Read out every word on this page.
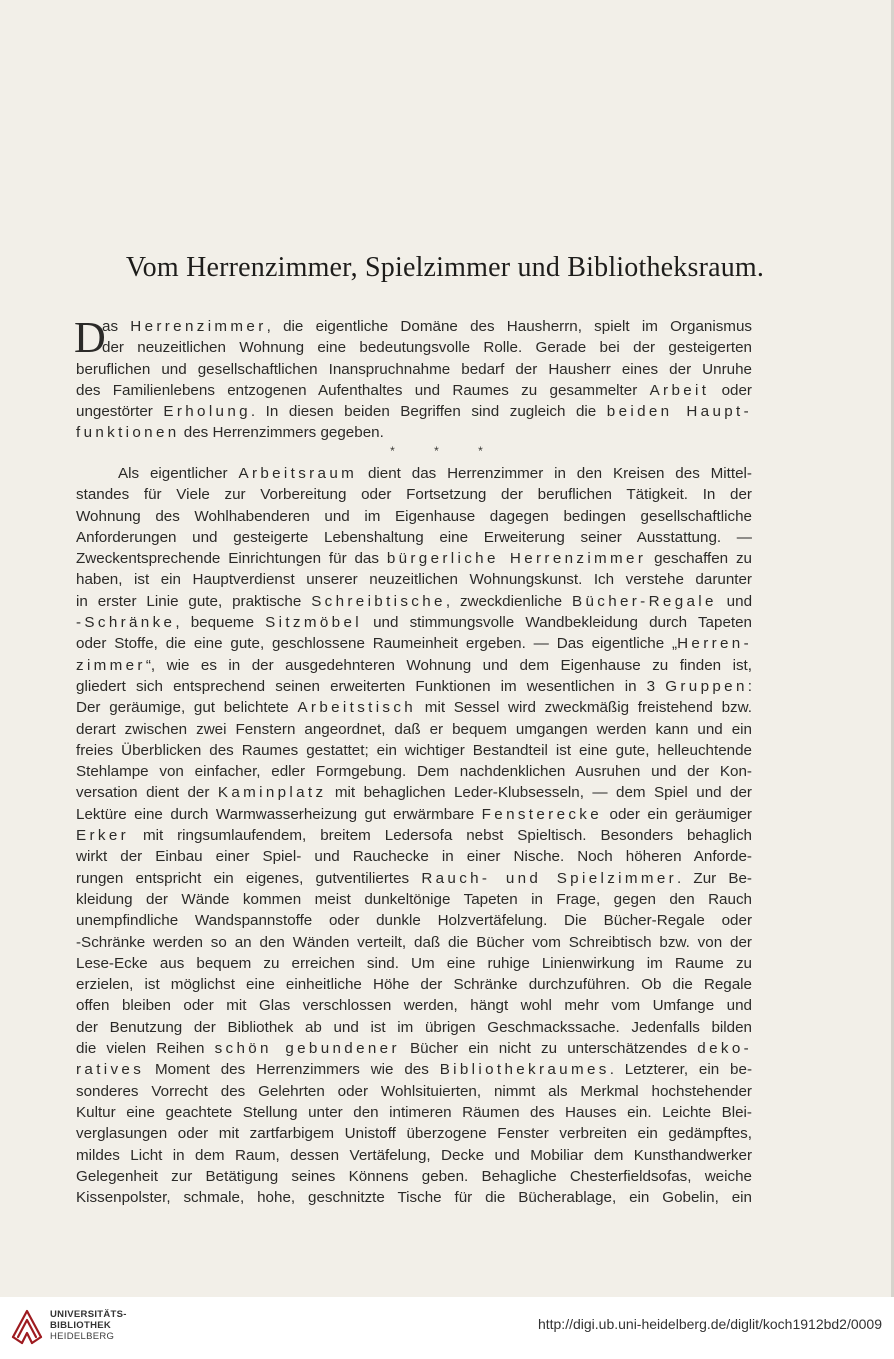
Vom Herrenzimmer, Spielzimmer und Bibliotheksraum.
D
as Herrenzimmer, die eigentliche Domäne des Hausherrn, spielt im Organismus
der neuzeitlichen Wohnung eine bedeutungsvolle Rolle. Gerade bei der gesteigerten
beruflichen und gesellschaftlichen Inanspruchnahme bedarf der Hausherr eines der Unruhe
des Familienlebens entzogenen Aufenthaltes und Raumes zu gesammelter Arbeit oder
ungestörter Erholung. In diesen beiden Begriffen sind zugleich die beiden Haupt-
funktionen des Herrenzimmers gegeben.
* * *
Als eigentlicher Arbeitsraum dient das Herrenzimmer in den Kreisen des Mittel-
standes für Viele zur Vorbereitung oder Fortsetzung der beruflichen Tätigkeit. In der
Wohnung des Wohlhabenderen und im Eigenhause dagegen bedingen gesellschaftliche
Anforderungen und gesteigerte Lebenshaltung eine Erweiterung seiner Ausstattung. —
Zweckentsprechende Einrichtungen für das bürgerliche Herrenzimmer geschaffen zu
haben, ist ein Hauptverdienst unserer neuzeitlichen Wohnungskunst. Ich verstehe darunter
in erster Linie gute, praktische Schreibtische, zweckdienliche Bücher-Regale und
-Schränke, bequeme Sitzmöbel und stimmungsvolle Wandbekleidung durch Tapeten
oder Stoffe, die eine gute, geschlossene Raumeinheit ergeben. — Das eigentliche „Herren-
zimmer“, wie es in der ausgedehnteren Wohnung und dem Eigenhause zu finden ist,
gliedert sich entsprechend seinen erweiterten Funktionen im wesentlichen in 3 Gruppen:
Der geräumige, gut belichtete Arbeitstisch mit Sessel wird zweckmäßig freistehend bzw.
derart zwischen zwei Fenstern angeordnet, daß er bequem umgangen werden kann und ein
freies Überblicken des Raumes gestattet; ein wichtiger Bestandteil ist eine gute, helleuchtende
Stehlampe von einfacher, edler Formgebung. Dem nachdenklichen Ausruhen und der Kon-
versation dient der Kaminplatz mit behaglichen Leder-Klubsesseln, — dem Spiel und der
Lektüre eine durch Warmwasserheizung gut erwärmbare Fensterecke oder ein geräumiger
Erker mit ringsumlaufendem, breitem Ledersofa nebst Spieltisch. Besonders behaglich
wirkt der Einbau einer Spiel- und Rauchecke in einer Nische. Noch höheren Anforde-
rungen entspricht ein eigenes, gutventiliertes Rauch- und Spielzimmer. Zur Be-
kleidung der Wände kommen meist dunkeltönige Tapeten in Frage, gegen den Rauch
unempfindliche Wandspannstoffe oder dunkle Holzvertäfelung. Die Bücher-Regale oder
-Schränke werden so an den Wänden verteilt, daß die Bücher vom Schreibtisch bzw. von der
Lese-Ecke aus bequem zu erreichen sind. Um eine ruhige Linienwirkung im Raume zu
erzielen, ist möglichst eine einheitliche Höhe der Schränke durchzuführen. Ob die Regale
offen bleiben oder mit Glas verschlossen werden, hängt wohl mehr vom Umfange und
der Benutzung der Bibliothek ab und ist im übrigen Geschmackssache. Jedenfalls bilden
die vielen Reihen schön gebundener Bücher ein nicht zu unterschätzendes deko-
ratives Moment des Herrenzimmers wie des Bibliothekraumes. Letzterer, ein be-
sonderes Vorrecht des Gelehrten oder Wohlsituierten, nimmt als Merkmal hochstehender
Kultur eine geachtete Stellung unter den intimeren Räumen des Hauses ein. Leichte Blei-
verglasungen oder mit zartfarbigem Unistoff überzogene Fenster verbreiten ein gedämpftes,
mildes Licht in dem Raum, dessen Vertäfelung, Decke und Mobiliar dem Kunsthandwerker
Gelegenheit zur Betätigung seines Könnens geben. Behagliche Chesterfieldsofas, weiche
Kissenpolster, schmale, hohe, geschnitzte Tische für die Bücherablage, ein Gobelin, ein
UNIVERSITÄTS-
BIBLIOTHEK
HEIDELBERG
http://digi.ub.uni-heidelberg.de/diglit/koch1912bd2/0009
